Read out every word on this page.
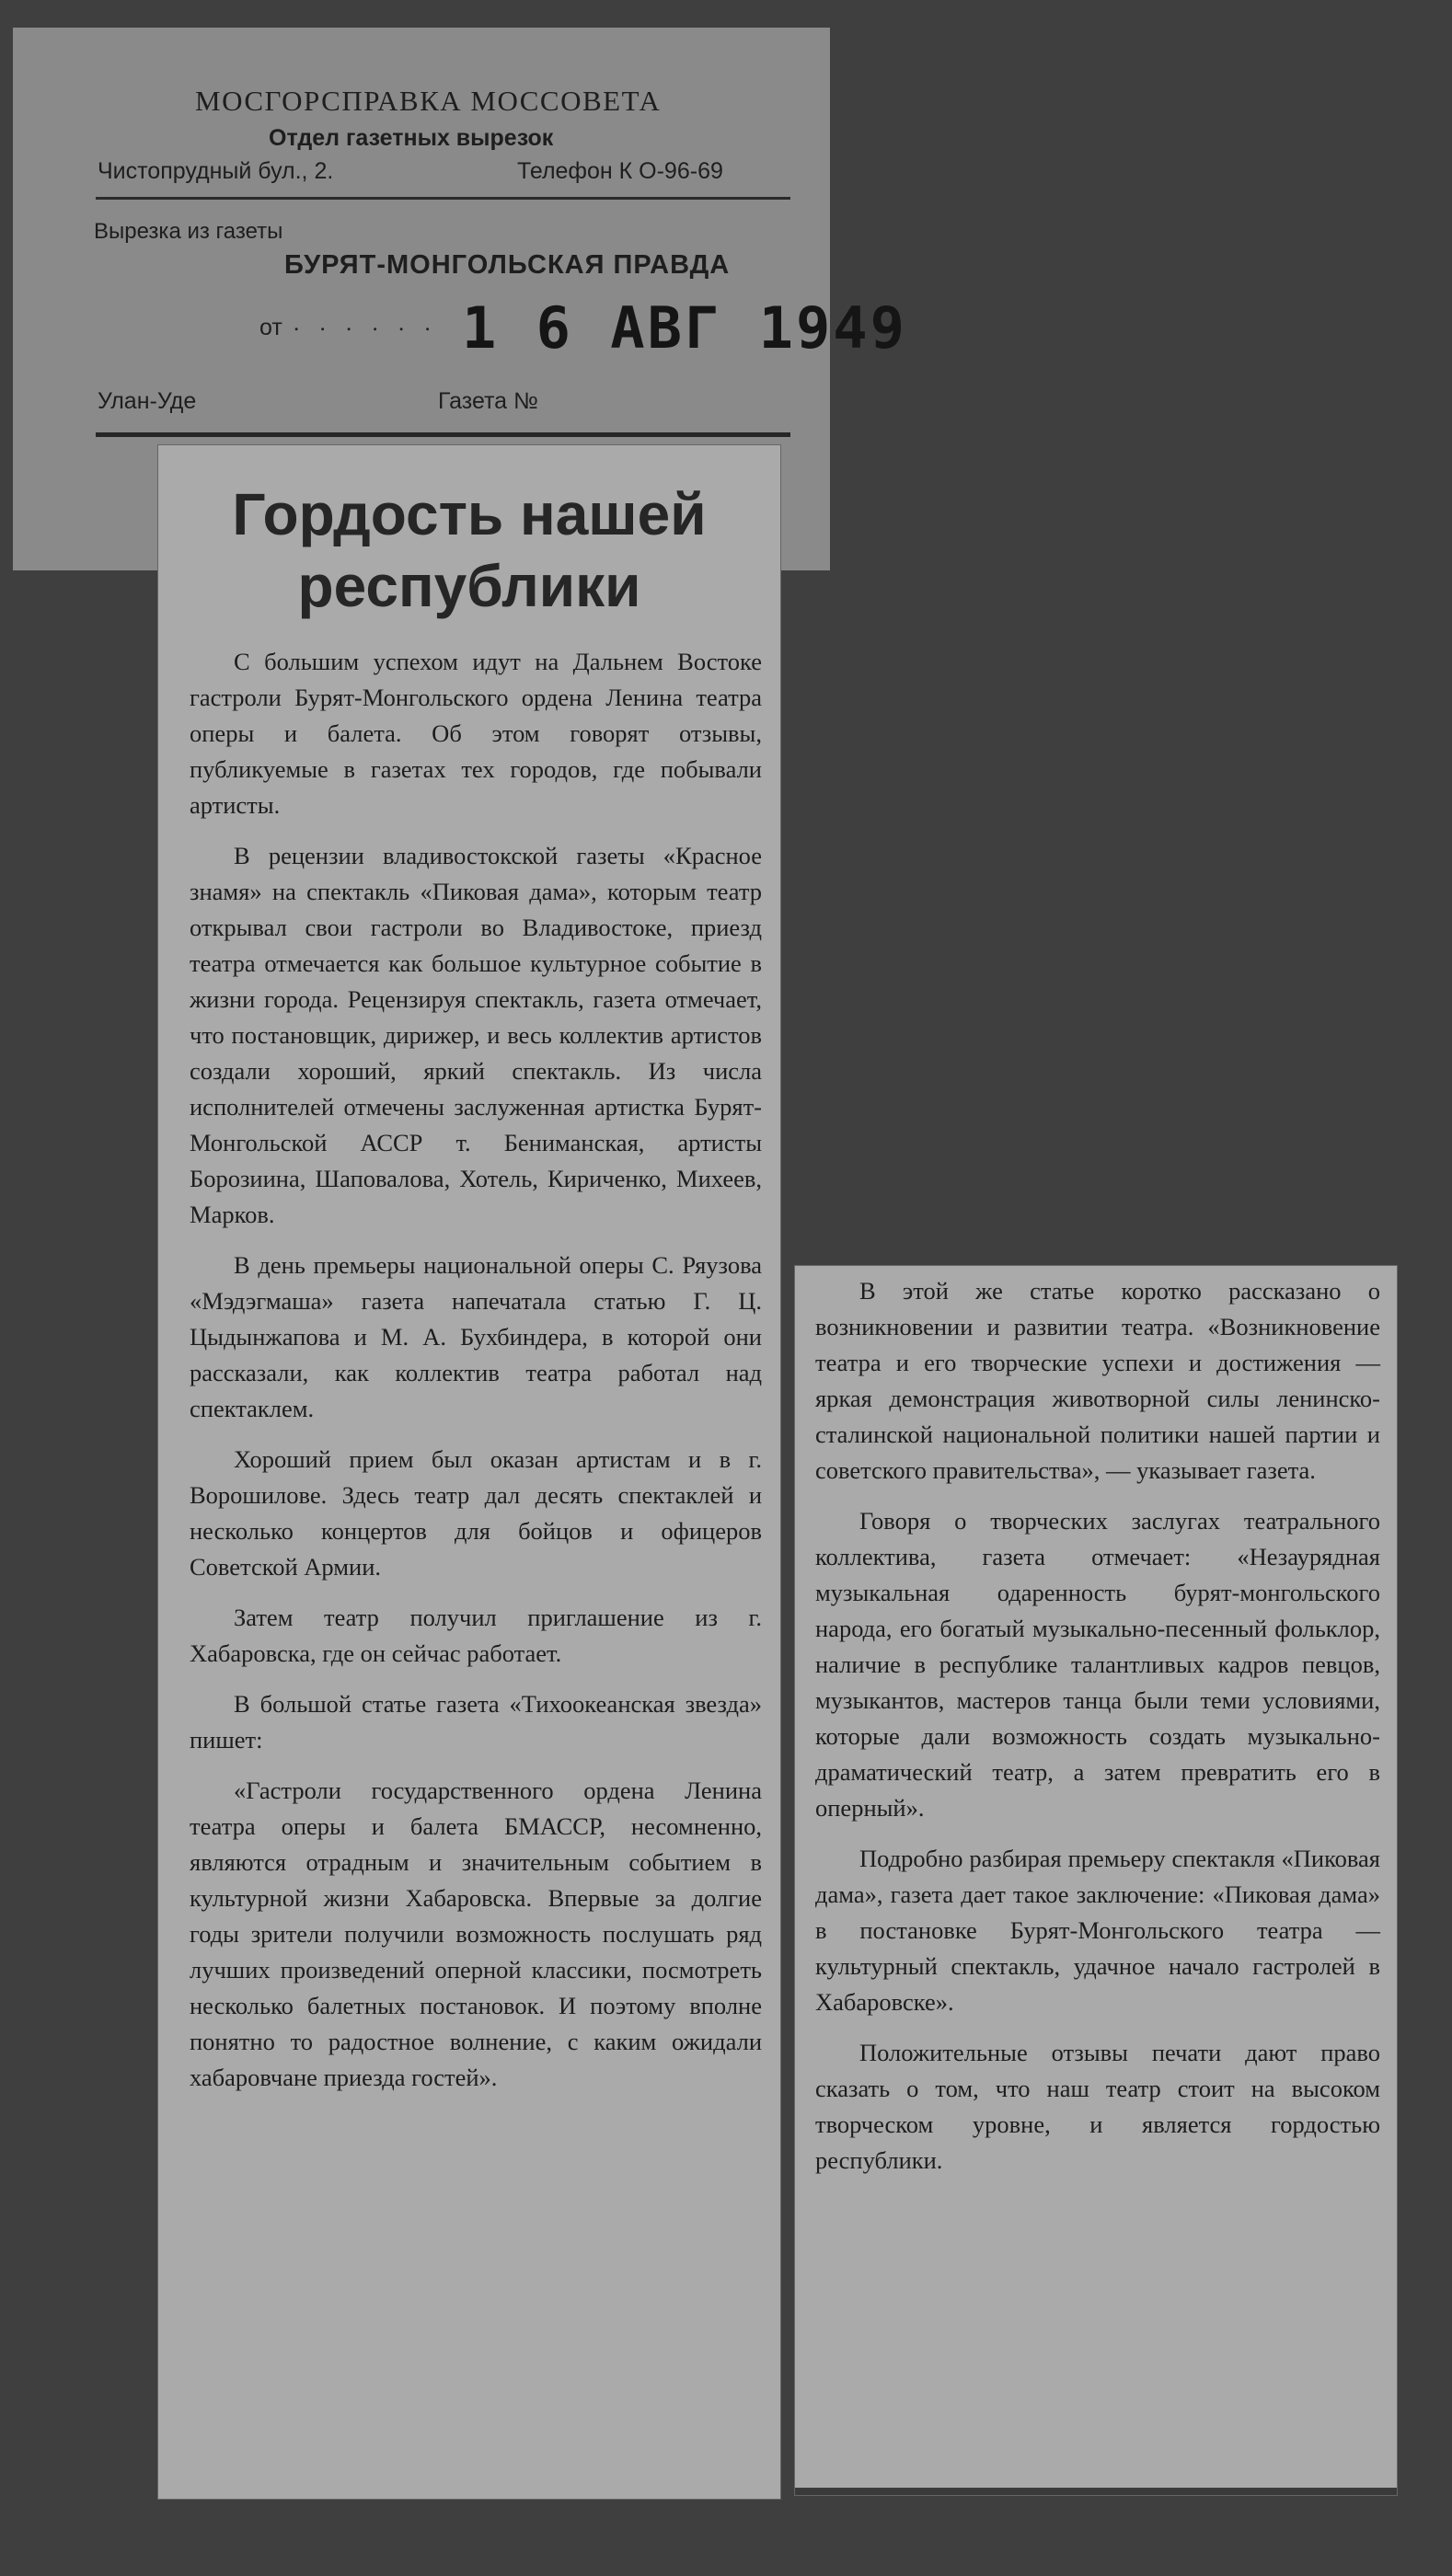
МОСГОРСПРАВКА МОССОВЕТА
Отдел газетных вырезок
Чистопрудный бул., 2.	Телефон К О-96-69
Вырезка из газеты
БУРЯТ-МОНГОЛЬСКАЯ ПРАВДА
от . . . . . . 1 6 АВГ 1949
Улан-Уде	Газета №
Гордость нашей республики

С большим успехом идут на Дальнем Востоке гастроли Бурят-Монгольского ордена Ленина театра оперы и балета. Об этом говорят отзывы, публикуемые в газетах тех городов, где побывали артисты.

В рецензии владивостокской газеты «Красное знамя» на спектакль «Пиковая дама», которым театр открывал свои гастроли во Владивостоке, приезд театра отмечается как большое культурное событие в жизни города. Рецензируя спектакль, газета отмечает, что постановщик, дирижер, и весь коллектив артистов создали хороший, яркий спектакль. Из числа исполнителей отмечены заслуженная артистка Бурят-Монгольской АССР т. Бениманская, артисты Борозиина, Шаповалова, Хотель, Кириченко, Михеев, Марков.

В день премьеры национальной оперы С. Ряузова «Мэдэгмаша» газета напечатала статью Г. Ц. Цыдынжапова и М. А. Бухбиндера, в которой они рассказали, как коллектив театра работал над спектаклем.

Хороший прием был оказан артистам и в г. Ворошилове. Здесь театр дал десять спектаклей и несколько концертов для бойцов и офицеров Советской Армии.

Затем театр получил приглашение из г. Хабаровска, где он сейчас работает.

В большой статье газета «Тихоокеанская звезда» пишет:

«Гастроли государственного ордена Ленина театра оперы и балета БМАССР, несомненно, являются отрадным и значительным событием в культурной жизни Хабаровска. Впервые за долгие годы зрители получили возможность послушать ряд лучших произведений оперной классики, посмотреть несколько балетных постановок. И поэтому вполне понятно то радостное волнение, с каким ожидали хабаровчане приезда гостей».

В этой же статье коротко рассказано о возникновении и развитии театра. «Возникновение театра и его творческие успехи и достижения — яркая демонстрация животворной силы ленинско-сталинской национальной политики нашей партии и советского правительства», — указывает газета.

Говоря о творческих заслугах театрального коллектива, газета отмечает: «Незаурядная музыкальная одаренность бурят-монгольского народа, его богатый музыкально-песенный фольклор, наличие в республике талантливых кадров певцов, музыкантов, мастеров танца были теми условиями, которые дали возможность создать музыкально-драматический театр, а затем превратить его в оперный».

Подробно разбирая премьеру спектакля «Пиковая дама», газета дает такое заключение: «Пиковая дама» в постановке Бурят-Монгольского театра — культурный спектакль, удачное начало гастролей в Хабаровске».

Положительные отзывы печати дают право сказать о том, что наш театр стоит на высоком творческом уровне, и является гордостью республики.
